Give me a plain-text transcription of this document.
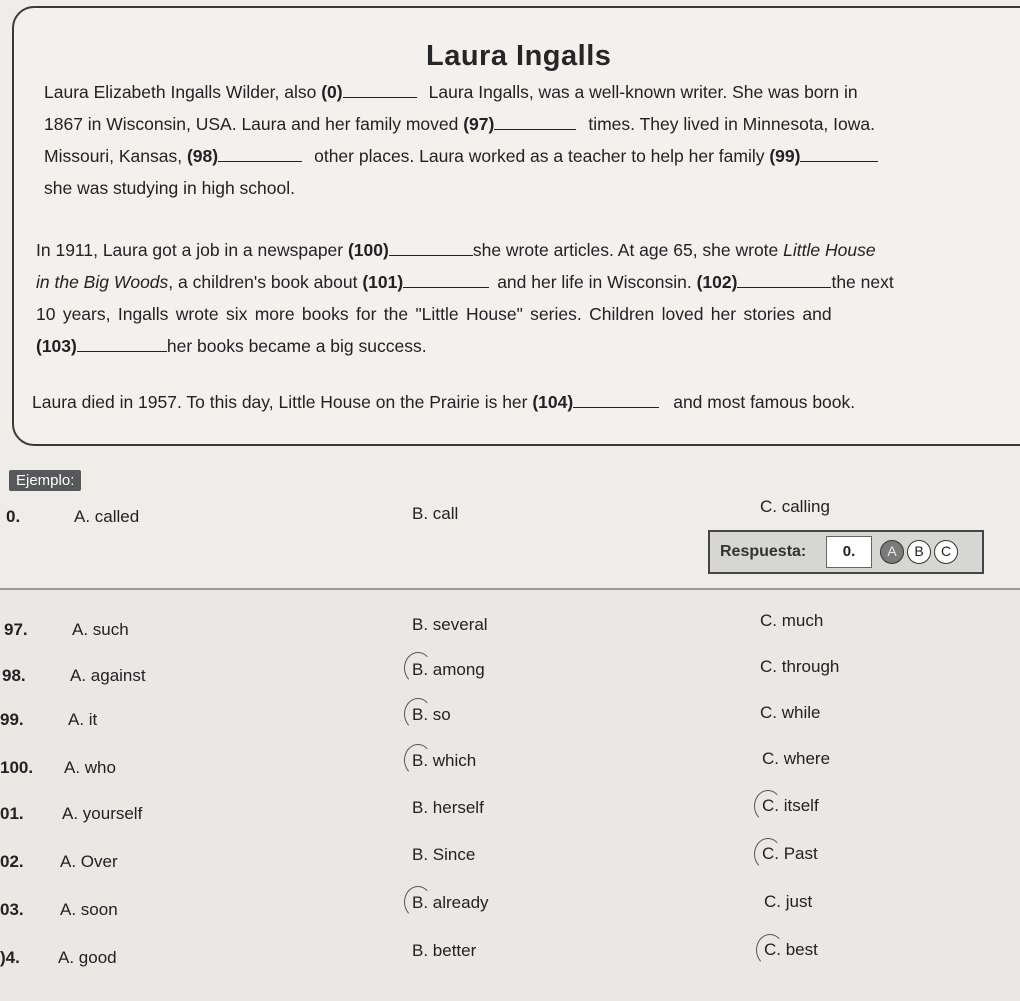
Laura Ingalls
Laura Elizabeth Ingalls Wilder, also (0)	Laura Ingalls, was a well-known writer. She was born in
1867 in Wisconsin, USA. Laura and her family moved (97)	times. They lived in Minnesota, Iowa.
Missouri, Kansas, (98)	other places. Laura worked as a teacher to help her family (99)
she was studying in high school.
In 1911, Laura got a job in a newspaper (100)	she wrote articles. At age 65, she wrote Little House
in the Big Woods, a children's book about (101)	and her life in Wisconsin. (102)	the next
10 years, Ingalls wrote six more books for the "Little House" series. Children loved her stories and
(103)	her books became a big success.
Laura died in 1957. To this day, Little House on the Prairie is her (104)	and most famous book.
Ejemplo:
0.	A. called	B. call	C. calling
Respuesta:	0.	A	B	C
97.	A. such	B. several	C. much
98.	A. against	B. among	C. through
99.	A. it	B. so	C. while
100. A. who	B. which	C. where
01. A. yourself	B. herself	C. itself
02. A. Over	B. Since	C. Past
03. A. soon	B. already	C. just
)4. A. good	B. better	C. best
